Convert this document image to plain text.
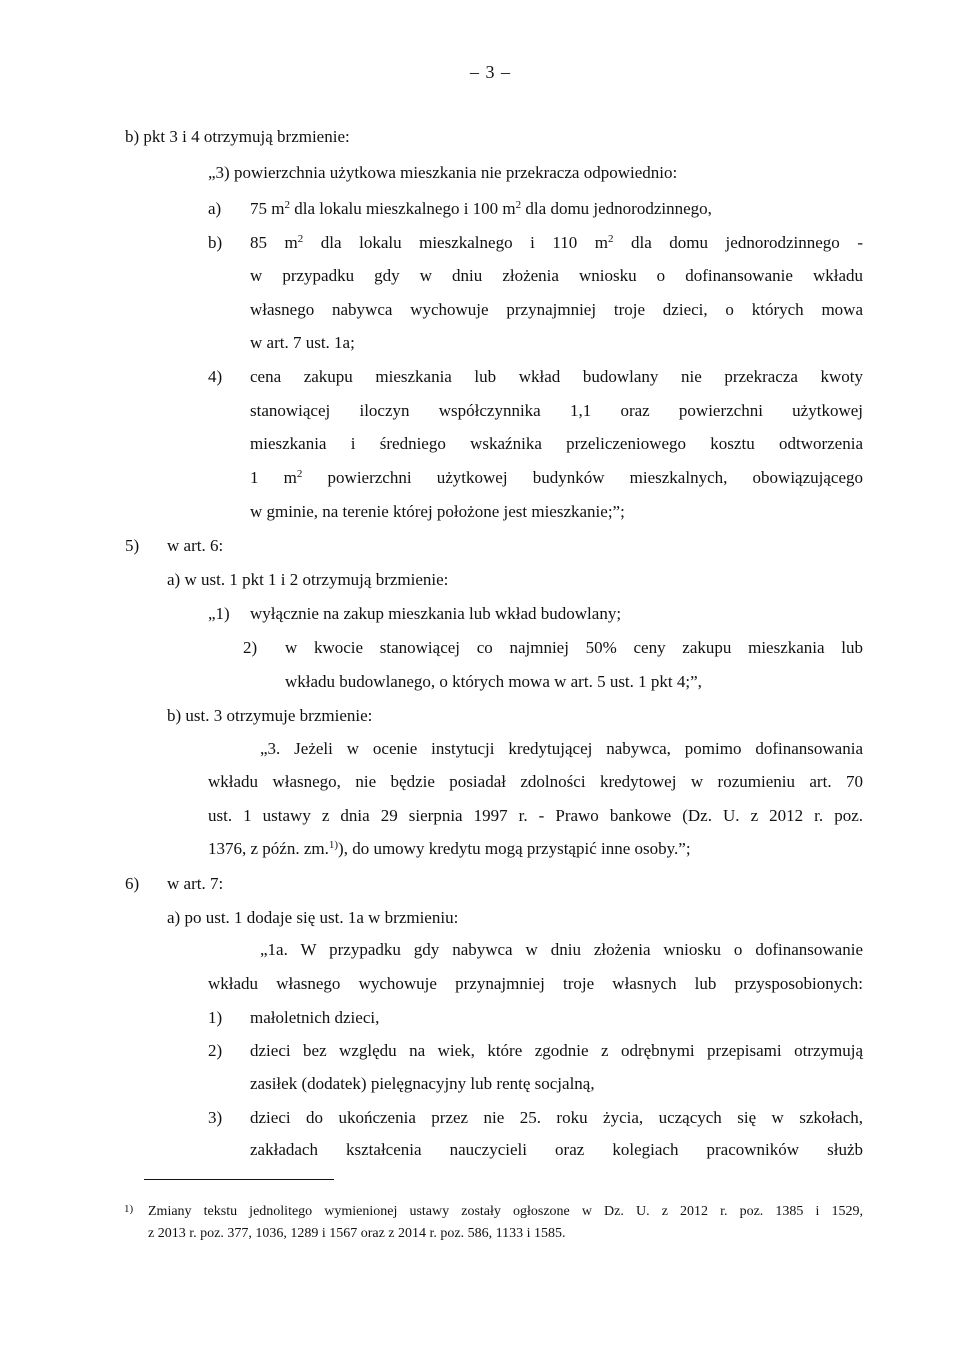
– 3 –
b) pkt 3 i 4 otrzymują brzmienie:
„3) powierzchnia użytkowa mieszkania nie przekracza odpowiednio:
a) 75 $m^2$ dla lokalu mieszkalnego i 100 $m^2$ dla domu jednorodzinnego,
b) 85 $m^2$ dla lokalu mieszkalnego i 110 $m^2$ dla domu jednorodzinnego -
w przypadku gdy w dniu złożenia wniosku o dofinansowanie wkładu
własnego nabywca wychowuje przynajmniej troje dzieci, o których mowa
w art. 7 ust. 1a;
4) cena zakupu mieszkania lub wkład budowlany nie przekracza kwoty
stanowiącej iloczyn współczynnika 1,1 oraz powierzchni użytkowej
mieszkania i średniego wskaźnika przeliczeniowego kosztu odtworzenia
1 $m^2$ powierzchni użytkowej budynków mieszkalnych, obowiązującego
w gminie, na terenie której położone jest mieszkanie;”;
5) w art. 6:
a) w ust. 1 pkt 1 i 2 otrzymują brzmienie:
„1) wyłącznie na zakup mieszkania lub wkład budowlany;
2) w kwocie stanowiącej co najmniej 50% ceny zakupu mieszkania lub
wkładu budowlanego, o których mowa w art. 5 ust. 1 pkt 4;”,
b) ust. 3 otrzymuje brzmienie:
„3. Jeżeli w ocenie instytucji kredytującej nabywca, pomimo dofinansowania
wkładu własnego, nie będzie posiadał zdolności kredytowej w rozumieniu art. 70
ust. 1 ustawy z dnia 29 sierpnia 1997 r. - Prawo bankowe (Dz. U. z 2012 r. poz.
1376, z późn. zm.$^{1)}$), do umowy kredytu mogą przystąpić inne osoby.”;
6) w art. 7:
a) po ust. 1 dodaje się ust. 1a w brzmieniu:
„1a. W przypadku gdy nabywca w dniu złożenia wniosku o dofinansowanie
wkładu własnego wychowuje przynajmniej troje własnych lub przysposobionych:
1) małoletnich dzieci,
2) dzieci bez względu na wiek, które zgodnie z odrębnymi przepisami otrzymują
zasiłek (dodatek) pielęgnacyjny lub rentę socjalną,
3) dzieci do ukończenia przez nie 25. roku życia, uczących się w szkołach,
zakładach kształcenia nauczycieli oraz kolegiach pracowników służb
1) Zmiany tekstu jednolitego wymienionej ustawy zostały ogłoszone w Dz. U. z 2012 r. poz. 1385 i 1529,
z 2013 r. poz. 377, 1036, 1289 i 1567 oraz z 2014 r. poz. 586, 1133 i 1585.
